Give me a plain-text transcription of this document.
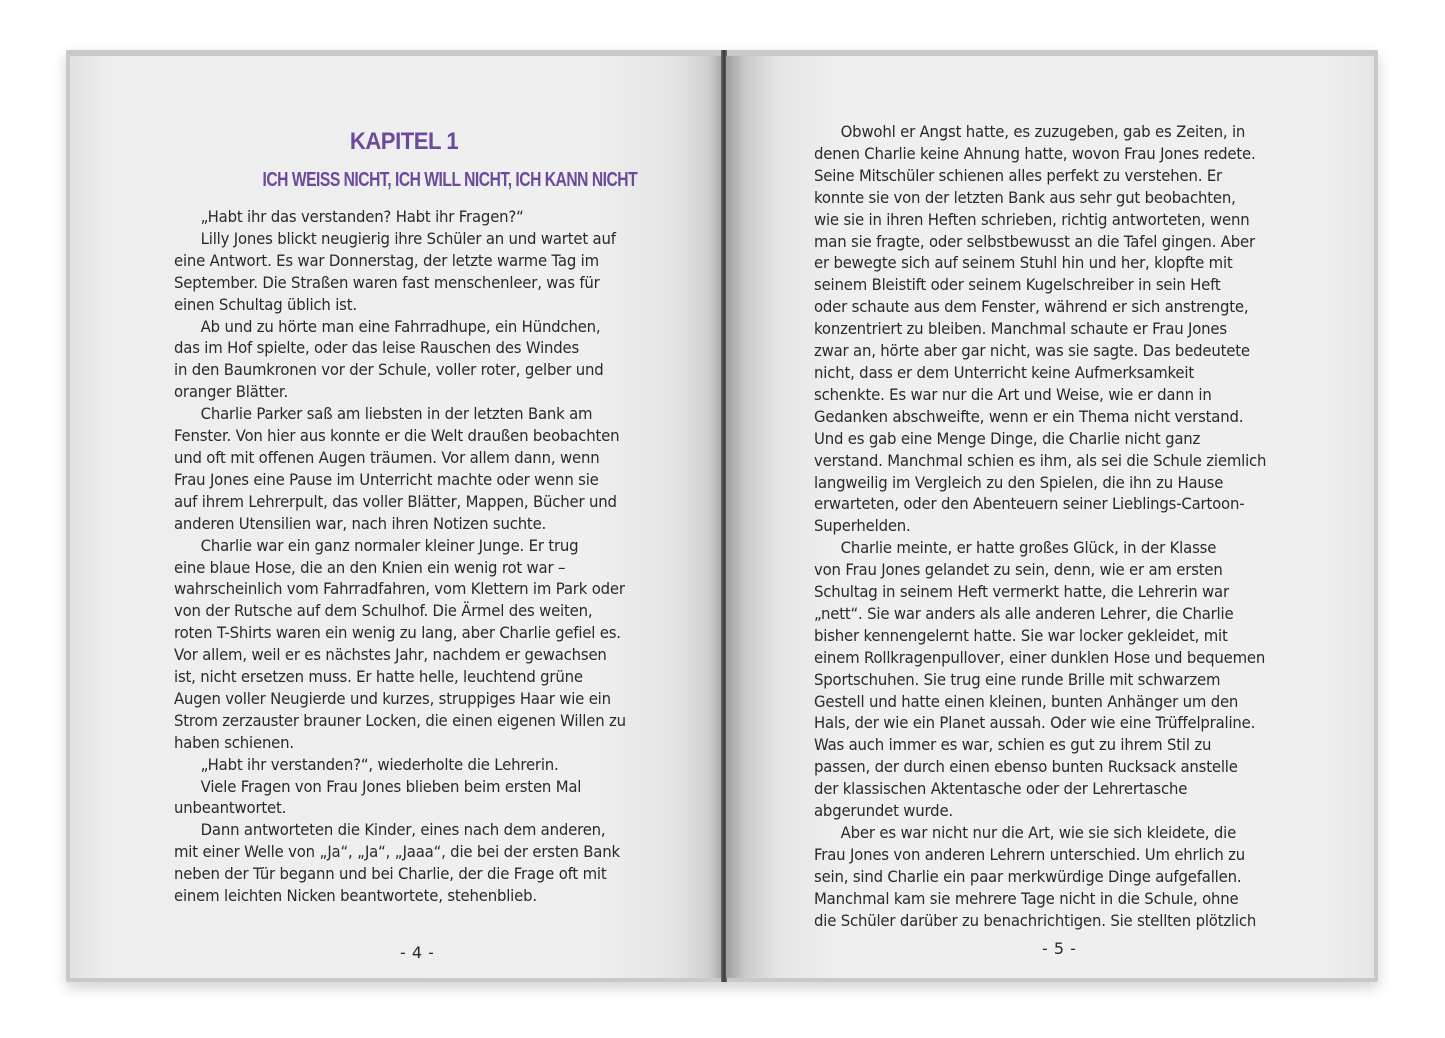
KAPITEL 1
ICH WEISS NICHT, ICH WILL NICHT, ICH KANN NICHT

„Habt ihr das verstanden? Habt ihr Fragen?“

Lilly Jones blickt neugierig ihre Schüler an und wartet auf

eine Antwort. Es war Donnerstag, der letzte warme Tag im

September. Die Straßen waren fast menschenleer, was für

einen Schultag üblich ist.

Ab und zu hörte man eine Fahrradhupe, ein Hündchen,

das im Hof spielte, oder das leise Rauschen des Windes

in den Baumkronen vor der Schule, voller roter, gelber und

oranger Blätter.

Charlie Parker saß am liebsten in der letzten Bank am

Fenster. Von hier aus konnte er die Welt draußen beobachten

und oft mit offenen Augen träumen. Vor allem dann, wenn

Frau Jones eine Pause im Unterricht machte oder wenn sie

auf ihrem Lehrerpult, das voller Blätter, Mappen, Bücher und

anderen Utensilien war, nach ihren Notizen suchte.

Charlie war ein ganz normaler kleiner Junge. Er trug

eine blaue Hose, die an den Knien ein wenig rot war –

wahrscheinlich vom Fahrradfahren, vom Klettern im Park oder

von der Rutsche auf dem Schulhof. Die Ärmel des weiten,

roten T-Shirts waren ein wenig zu lang, aber Charlie gefiel es.

Vor allem, weil er es nächstes Jahr, nachdem er gewachsen

ist, nicht ersetzen muss. Er hatte helle, leuchtend grüne

Augen voller Neugierde und kurzes, struppiges Haar wie ein

Strom zerzauster brauner Locken, die einen eigenen Willen zu

haben schienen.

„Habt ihr verstanden?“, wiederholte die Lehrerin.

Viele Fragen von Frau Jones blieben beim ersten Mal

unbeantwortet.

Dann antworteten die Kinder, eines nach dem anderen,

mit einer Welle von „Ja“, „Ja“, „Jaaa“, die bei der ersten Bank

neben der Tür begann und bei Charlie, der die Frage oft mit

einem leichten Nicken beantwortete, stehenblieb.

- 4 -

Obwohl er Angst hatte, es zuzugeben, gab es Zeiten, in

denen Charlie keine Ahnung hatte, wovon Frau Jones redete.

Seine Mitschüler schienen alles perfekt zu verstehen. Er

konnte sie von der letzten Bank aus sehr gut beobachten,

wie sie in ihren Heften schrieben, richtig antworteten, wenn

man sie fragte, oder selbstbewusst an die Tafel gingen. Aber

er bewegte sich auf seinem Stuhl hin und her, klopfte mit

seinem Bleistift oder seinem Kugelschreiber in sein Heft

oder schaute aus dem Fenster, während er sich anstrengte,

konzentriert zu bleiben. Manchmal schaute er Frau Jones

zwar an, hörte aber gar nicht, was sie sagte. Das bedeutete

nicht, dass er dem Unterricht keine Aufmerksamkeit

schenkte. Es war nur die Art und Weise, wie er dann in

Gedanken abschweifte, wenn er ein Thema nicht verstand.

Und es gab eine Menge Dinge, die Charlie nicht ganz

verstand. Manchmal schien es ihm, als sei die Schule ziemlich

langweilig im Vergleich zu den Spielen, die ihn zu Hause

erwarteten, oder den Abenteuern seiner Lieblings-Cartoon-

Superhelden.

Charlie meinte, er hatte großes Glück, in der Klasse

von Frau Jones gelandet zu sein, denn, wie er am ersten

Schultag in seinem Heft vermerkt hatte, die Lehrerin war

„nett“. Sie war anders als alle anderen Lehrer, die Charlie

bisher kennengelernt hatte. Sie war locker gekleidet, mit

einem Rollkragenpullover, einer dunklen Hose und bequemen

Sportschuhen. Sie trug eine runde Brille mit schwarzem

Gestell und hatte einen kleinen, bunten Anhänger um den

Hals, der wie ein Planet aussah. Oder wie eine Trüffelpraline.

Was auch immer es war, schien es gut zu ihrem Stil zu

passen, der durch einen ebenso bunten Rucksack anstelle

der klassischen Aktentasche oder der Lehrertasche

abgerundet wurde.

Aber es war nicht nur die Art, wie sie sich kleidete, die

Frau Jones von anderen Lehrern unterschied. Um ehrlich zu

sein, sind Charlie ein paar merkwürdige Dinge aufgefallen.

Manchmal kam sie mehrere Tage nicht in die Schule, ohne

die Schüler darüber zu benachrichtigen. Sie stellten plötzlich

- 5 -
